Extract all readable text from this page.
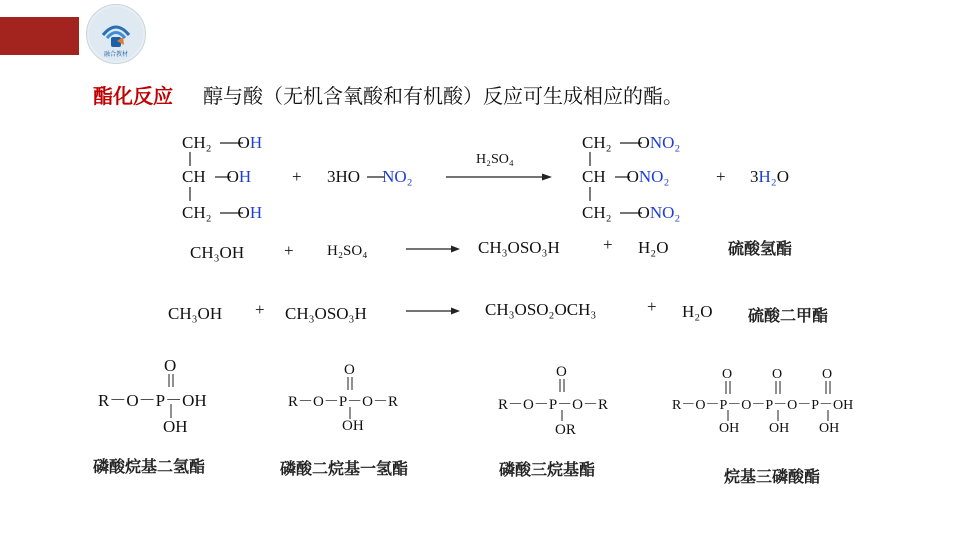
融合教材
酯化反应 醇与酸（无机含氧酸和有机酸）反应可生成相应的酯。
CH₂ OH
CH OH
CH₂ OH
+ 3HO NO₂
H₂SO₄
CH₂ ONO₂
CH ONO₂
CH₂ ONO₂
+ 3H₂O
CH₃OH + H₂SO₄	CH₃OSO₃H	+ H₂O	硫酸氢酯
CH₃OH + CH₃OSO₃H	CH₃OSO₂OCH₃	+ H₂O 硫酸二甲酯
O
R－O－P－OH
OH
磷酸烷基二氢酯
O
R－O－P－O－R
OH
磷酸二烷基一氢酯
O
R－O－P－O－R
OR
磷酸三烷基酯
O	O	O
R－O－P－O－P－O－P－OH
OH OH OH
烷基三磷酸酯
